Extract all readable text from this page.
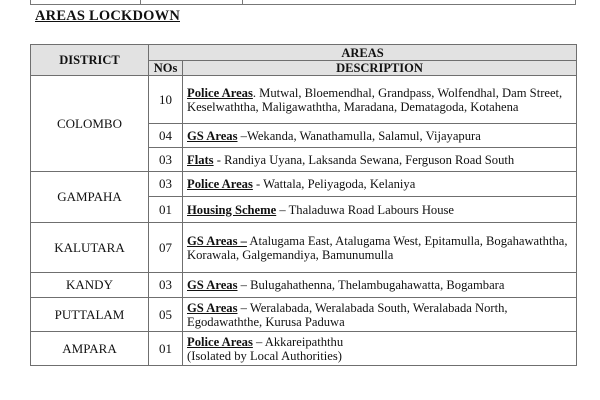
AREAS LOCKDOWN
DISTRICT	AREAS	
	NOs	DESCRIPTION
COLOMBO	10	Police Areas. Mutwal, Bloemendhal, Grandpass, Wolfendhal, Dam Street, Keselwaththa, Maligawaththa, Maradana, Dematagoda, Kotahena
	04	GS Areas –Wekanda, Wanathamulla, Salamul, Vijayapura
	03	Flats - Randiya Uyana, Laksanda Sewana, Ferguson Road South
GAMPAHA	03	Police Areas - Wattala, Peliyagoda, Kelaniya
	01	Housing Scheme – Thaladuwa Road Labours House
KALUTARA	07	GS Areas – Atalugama East, Atalugama West, Epitamulla, Bogahawaththa, Korawala, Galgemandiya, Bamunumulla
KANDY	03	GS Areas – Bulugahathenna, Thelambugahawatta, Bogambara
PUTTALAM	05	GS Areas – Weralabada, Weralabada South, Weralabada North, Egodawaththe, Kurusa Paduwa
AMPARA	01	Police Areas – Akkareipaththu
(Isolated by Local Authorities)
